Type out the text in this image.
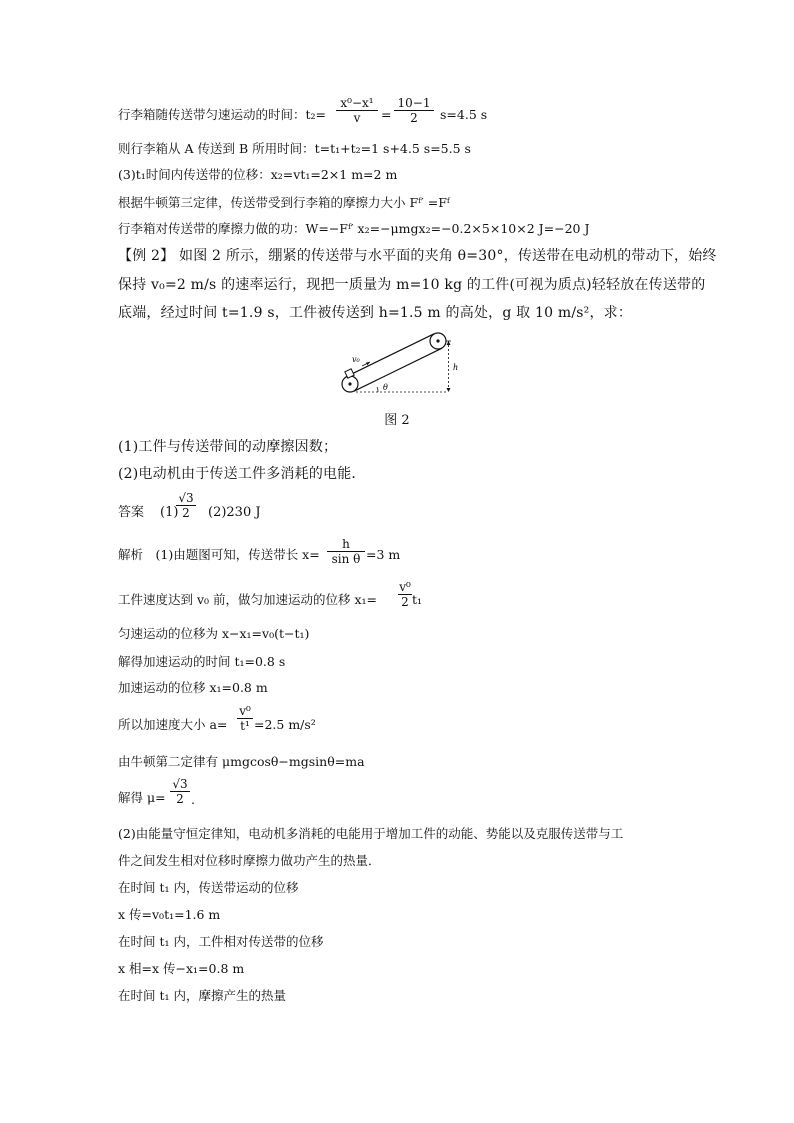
行李箱随传送带匀速运动的时间：$t_2= \frac{\text{x⁰−x¹}}{v} = \frac{10-1}{2} s=4.5$ s
则行李箱从 A 传送到 B 所用时间：t=t₁+t₂=1 s+4.5 s=5.5 s
(3)t₁时间内传送带的位移：x₂=vt₁=2×1 m=2 m
根据牛顿第三定律，传送带受到行李箱的摩擦力大小 Fᶠ′ =Fᶠ
行李箱对传送带的摩擦力做的功：W=−Fᶠ′ x₂=−μmgx₂=−0.2×5×10×2 J=−20 J
【例 2】 如图 2 所示，绷紧的传送带与水平面的夹角 θ=30°，传送带在电动机的带动下，始终
保持 v₀=2 m/s 的速率运行，现把一质量为 m=10 kg 的工件(可视为质点)轻轻放在传送带的
底端，经过时间 t=1.9 s，工件被传送到 h=1.5 m 的高处，g 取 10 m/s²，求：
v₀
θ
h
图 2
(1)工件与传送带间的动摩擦因数；
(2)电动机由于传送工件多消耗的电能．
答案 (1)
$\frac{√3}{2} (2)230$ J
解析　(1)由题图可知，传送带长 $x= \frac{h}{\text{sin θ}} =3$ m
工件速度达到 v₀ 前，做匀加速运动的位移 $x_1= \frac{\text{v⁰}}{2} t_1$
匀速运动的位移为 x−x₁=v₀(t−t₁)
解得加速运动的时间 t₁=0.8 s
加速运动的位移 x₁=0.8 m
所以加速度大小 $a= \frac{\text{v⁰}}{\text{t¹}} =2.5$ m/s²
由牛顿第二定律有 μmgcosθ−mgsinθ=ma
解得 $\mu= \frac{√3}{2}$ .
(2)由能量守恒定律知，电动机多消耗的电能用于增加工件的动能、势能以及克服传送带与工
件之间发生相对位移时摩擦力做功产生的热量．
在时间 t₁ 内，传送带运动的位移
x 传=v₀t₁=1.6 m
在时间 t₁ 内，工件相对传送带的位移
x 相=x 传−x₁=0.8 m
在时间 t₁ 内，摩擦产生的热量
